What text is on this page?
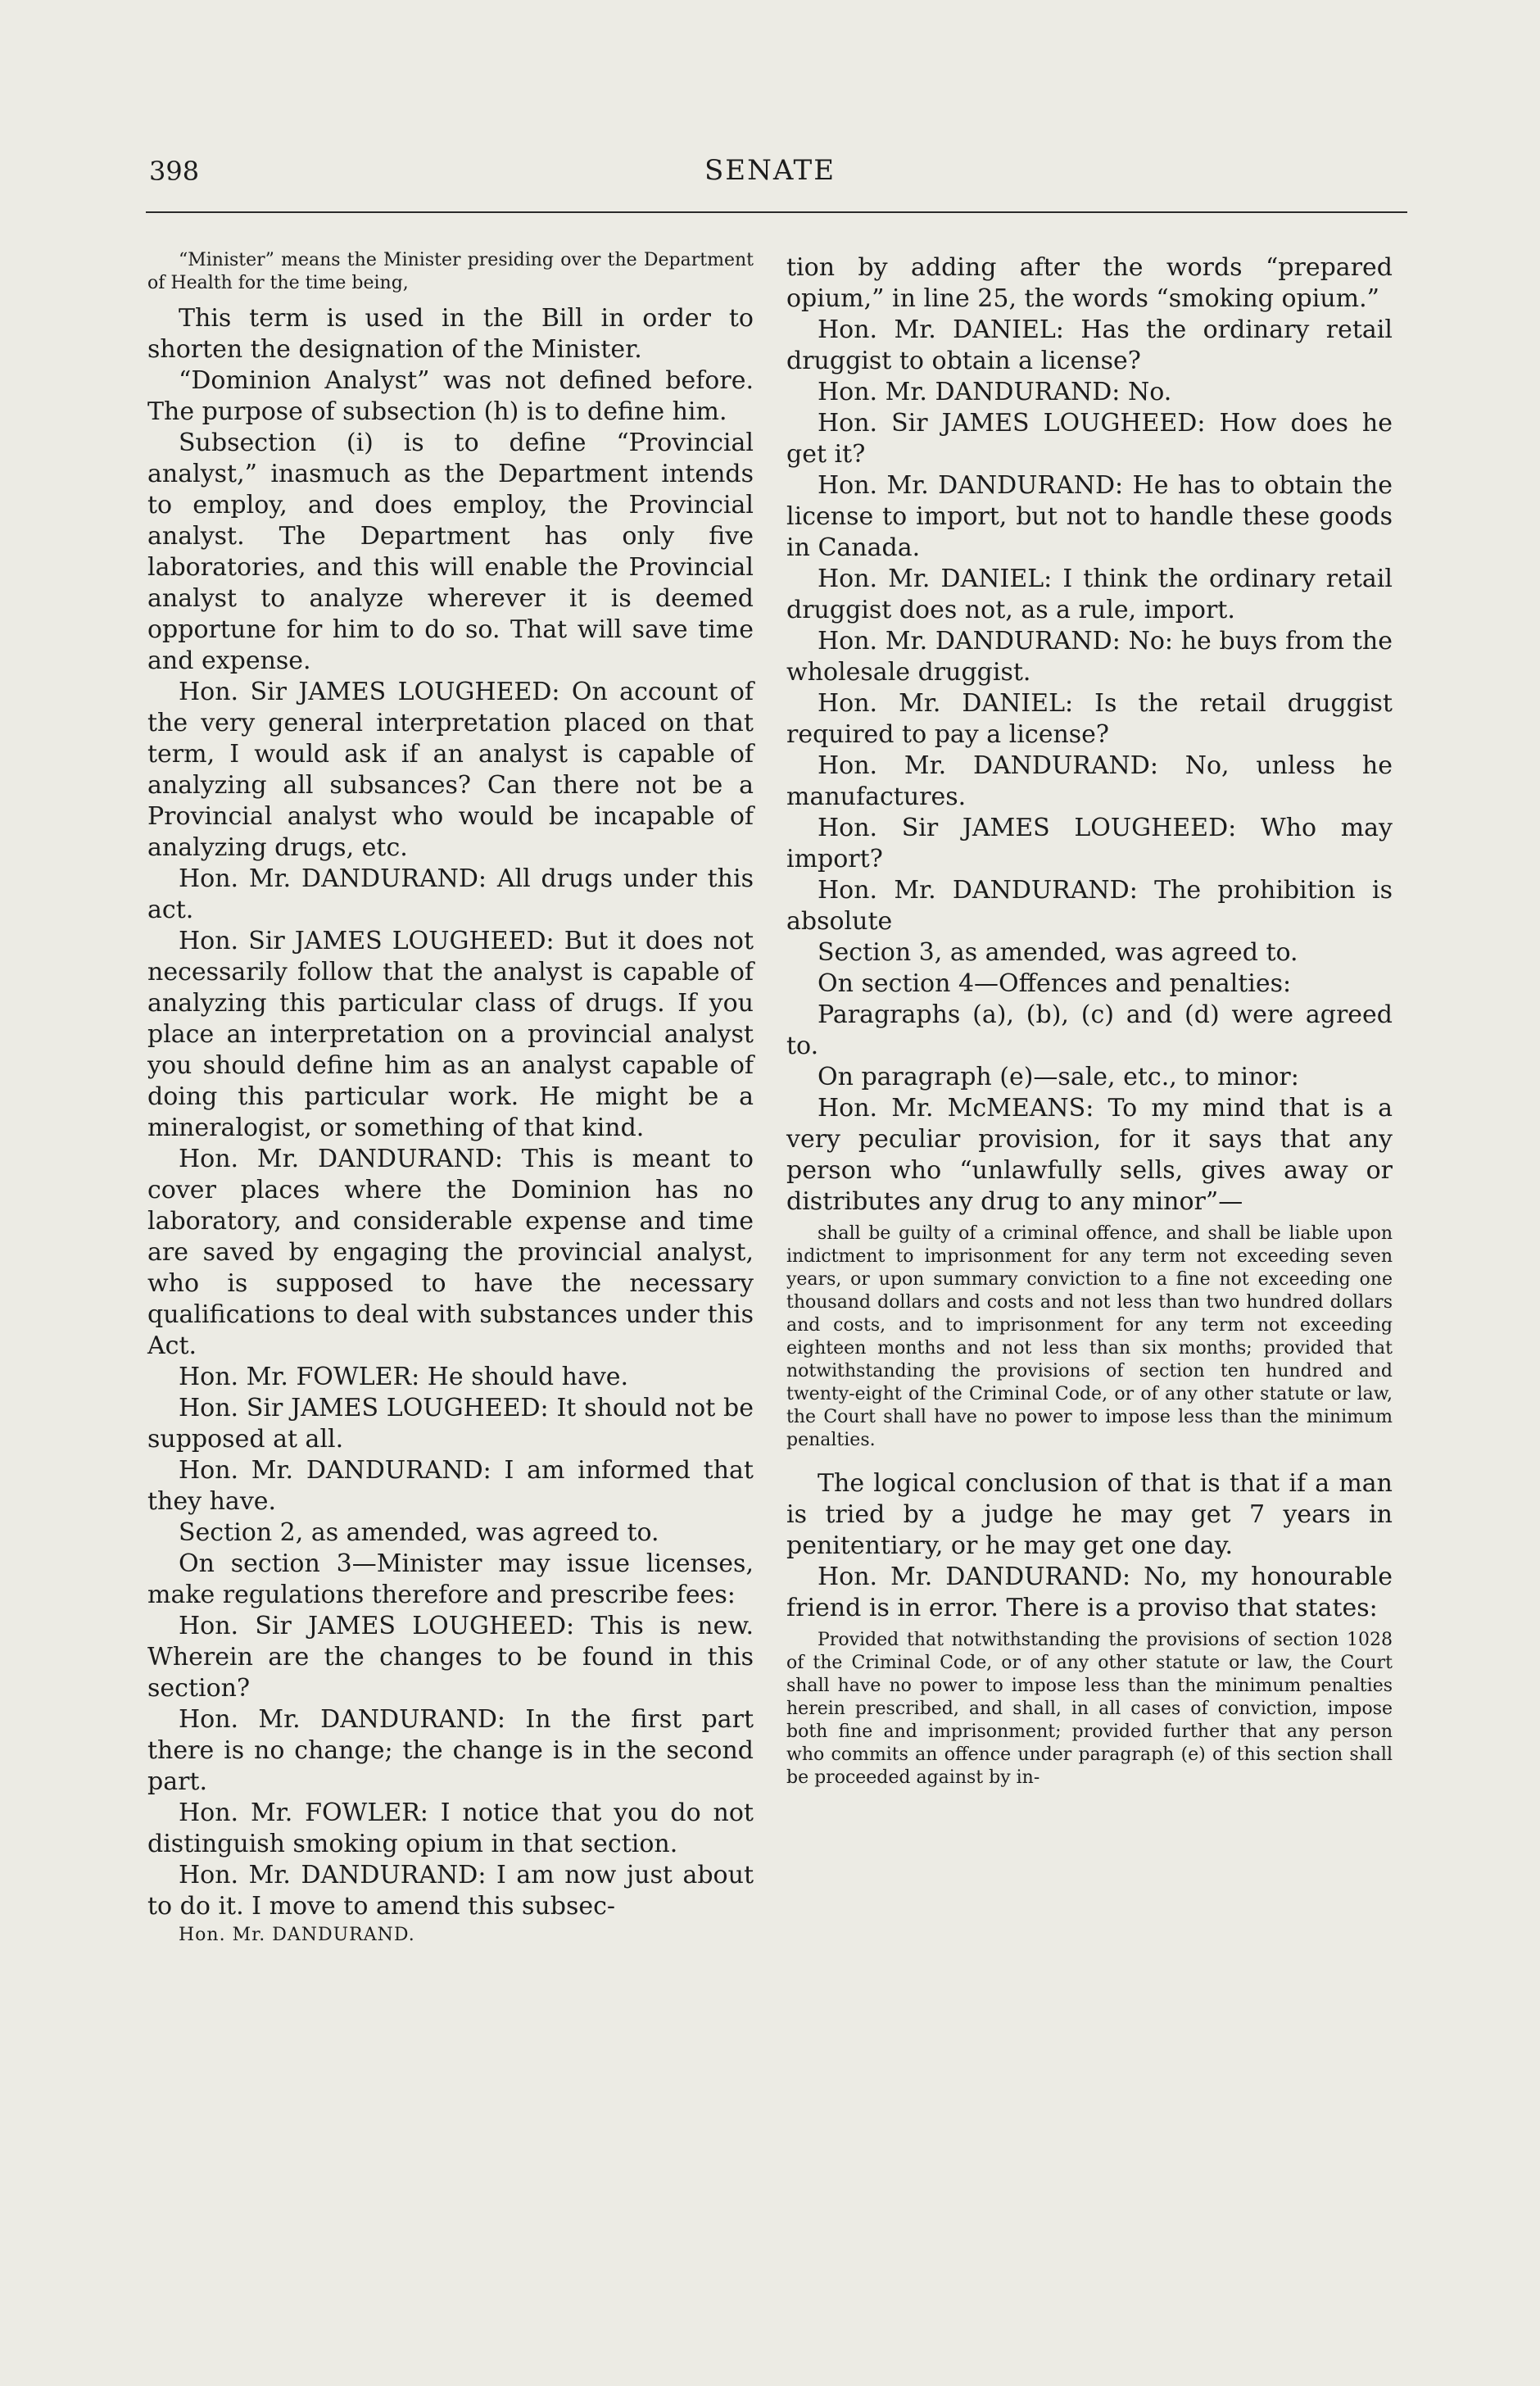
398	SENATE

“Minister” means the Minister presiding over the Department of Health for the time being,

This term is used in the Bill in order to shorten the designation of the Minister.

“Dominion Analyst” was not defined before. The purpose of subsection (h) is to define him.

Subsection (i) is to define “Provincial analyst,” inasmuch as the Department intends to employ, and does employ, the Provincial analyst. The Department has only five laboratories, and this will enable the Provincial analyst to analyze wherever it is deemed opportune for him to do so. That will save time and expense.

Hon. Sir JAMES LOUGHEED: On account of the very general interpretation placed on that term, I would ask if an analyst is capable of analyzing all subsances? Can there not be a Provincial analyst who would be incapable of analyzing drugs, etc.

Hon. Mr. DANDURAND: All drugs under this act.

Hon. Sir JAMES LOUGHEED: But it does not necessarily follow that the analyst is capable of analyzing this particular class of drugs. If you place an interpretation on a provincial analyst you should define him as an analyst capable of doing this particular work. He might be a mineralogist, or something of that kind.

Hon. Mr. DANDURAND: This is meant to cover places where the Dominion has no laboratory, and considerable expense and time are saved by engaging the provincial analyst, who is supposed to have the necessary qualifications to deal with substances under this Act.

Hon. Mr. FOWLER: He should have.

Hon. Sir JAMES LOUGHEED: It should not be supposed at all.

Hon. Mr. DANDURAND: I am informed that they have.

Section 2, as amended, was agreed to.

On section 3—Minister may issue licenses, make regulations therefore and prescribe fees:

Hon. Sir JAMES LOUGHEED: This is new. Wherein are the changes to be found in this section?

Hon. Mr. DANDURAND: In the first part there is no change; the change is in the second part.

Hon. Mr. FOWLER: I notice that you do not distinguish smoking opium in that section.

Hon. Mr. DANDURAND: I am now just about to do it. I move to amend this subsec-

Hon. Mr. DANDURAND.

tion by adding after the words “prepared opium,” in line 25, the words “smoking opium.”

Hon. Mr. DANIEL: Has the ordinary retail druggist to obtain a license?

Hon. Mr. DANDURAND: No.

Hon. Sir JAMES LOUGHEED: How does he get it?

Hon. Mr. DANDURAND: He has to obtain the license to import, but not to handle these goods in Canada.

Hon. Mr. DANIEL: I think the ordinary retail druggist does not, as a rule, import.

Hon. Mr. DANDURAND: No: he buys from the wholesale druggist.

Hon. Mr. DANIEL: Is the retail druggist required to pay a license?

Hon. Mr. DANDURAND: No, unless he manufactures.

Hon. Sir JAMES LOUGHEED: Who may import?

Hon. Mr. DANDURAND: The prohibition is absolute

Section 3, as amended, was agreed to.

On section 4—Offences and penalties:

Paragraphs (a), (b), (c) and (d) were agreed to.

On paragraph (e)—sale, etc., to minor:

Hon. Mr. McMEANS: To my mind that is a very peculiar provision, for it says that any person who “unlawfully sells, gives away or distributes any drug to any minor”—

shall be guilty of a criminal offence, and shall be liable upon indictment to imprisonment for any term not exceeding seven years, or upon summary conviction to a fine not exceeding one thousand dollars and costs and not less than two hundred dollars and costs, and to imprisonment for any term not exceeding eighteen months and not less than six months; provided that notwithstanding the provisions of section ten hundred and twenty-eight of the Criminal Code, or of any other statute or law, the Court shall have no power to impose less than the minimum penalties.

The logical conclusion of that is that if a man is tried by a judge he may get 7 years in penitentiary, or he may get one day.

Hon. Mr. DANDURAND: No, my honourable friend is in error. There is a proviso that states:

Provided that notwithstanding the provisions of section 1028 of the Criminal Code, or of any other statute or law, the Court shall have no power to impose less than the minimum penalties herein prescribed, and shall, in all cases of conviction, impose both fine and imprisonment; provided further that any person who commits an offence under paragraph (e) of this section shall be proceeded against by in-
